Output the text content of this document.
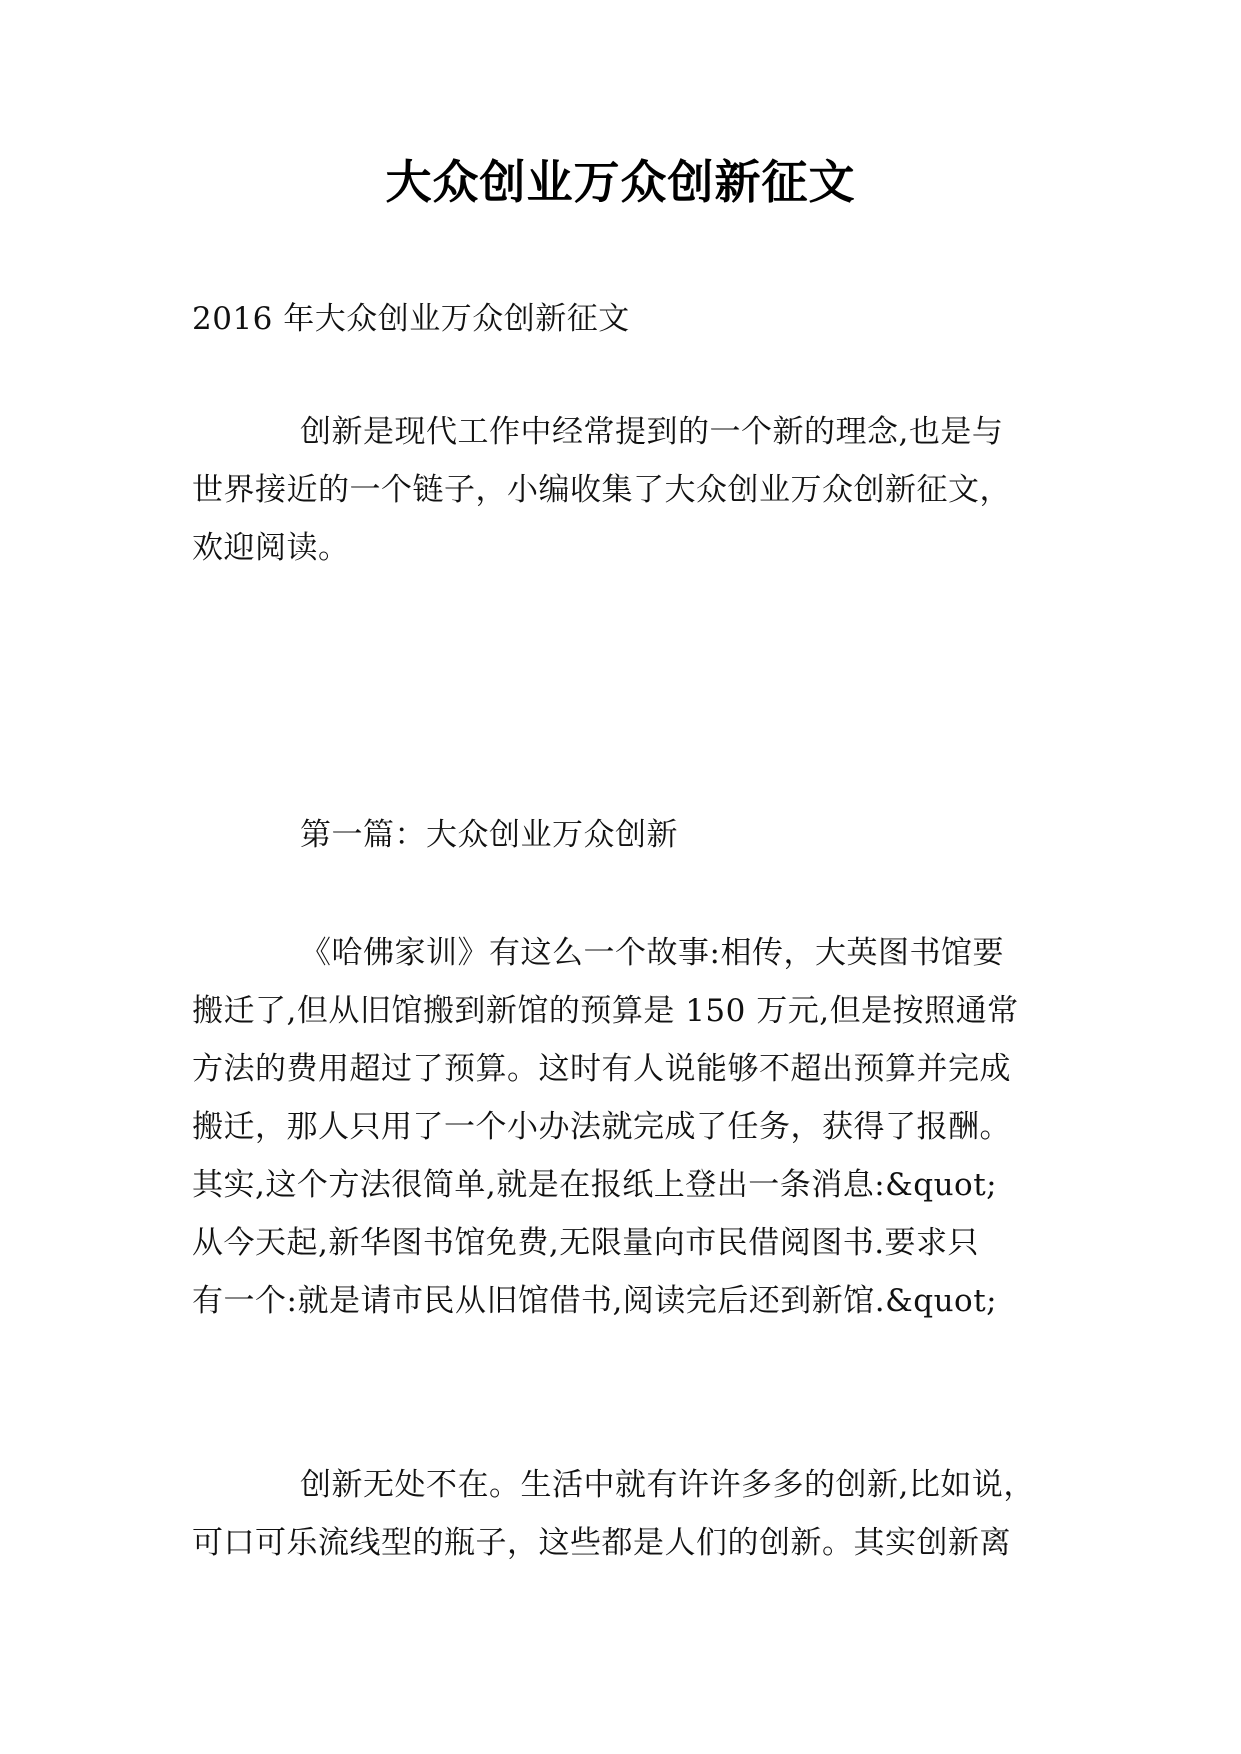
大众创业万众创新征文

2016 年大众创业万众创新征文

创新是现代工作中经常提到的一个新的理念,也是与

世界接近的一个链子，小编收集了大众创业万众创新征文，

欢迎阅读。

第一篇：大众创业万众创新

《哈佛家训》有这么一个故事:相传，大英图书馆要

搬迁了,但从旧馆搬到新馆的预算是 150 万元,但是按照通常

方法的费用超过了预算。这时有人说能够不超出预算并完成

搬迁，那人只用了一个小办法就完成了任务，获得了报酬。

其实,这个方法很简单,就是在报纸上登出一条消息:&quot;

从今天起,新华图书馆免费,无限量向市民借阅图书.要求只

有一个:就是请市民从旧馆借书,阅读完后还到新馆.&quot;

创新无处不在。生活中就有许许多多的创新,比如说，

可口可乐流线型的瓶子，这些都是人们的创新。其实创新离
